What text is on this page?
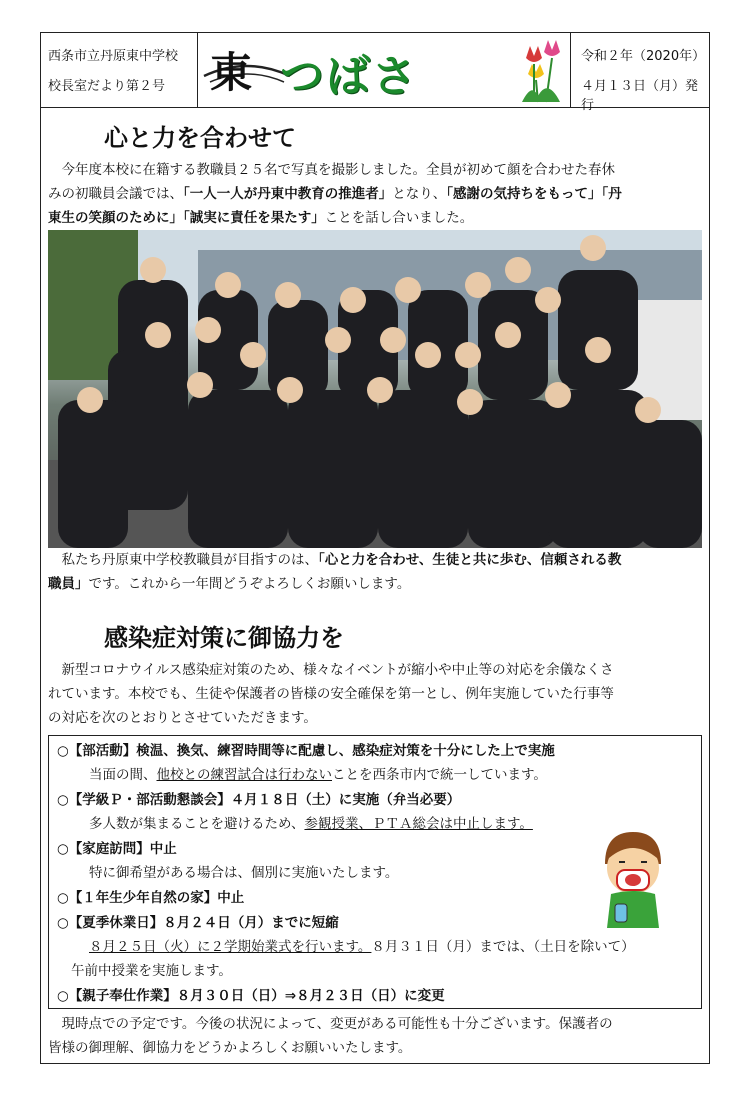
西条市立丹原東中学校
校長室だより第２号 東 つばさ	令和２年（2020年）
４月１３日（月）発行
心と力を合わせて
　今年度本校に在籍する教職員２５名で写真を撮影しました。全員が初めて顔を合わせた春休
みの初職員会議では、「一人一人が丹東中教育の推進者」となり、「感謝の気持ちをもって」「丹
東生の笑顔のために」「誠実に責任を果たす」ことを話し合いました。
　私たち丹原東中学校教職員が目指すのは、「心と力を合わせ、生徒と共に歩む、信頼される教
職員」です。これから一年間どうぞよろしくお願いします。
感染症対策に御協力を
　新型コロナウイルス感染症対策のため、様々なイベントが縮小や中止等の対応を余儀なくさ
れています。本校でも、生徒や保護者の皆様の安全確保を第一とし、例年実施していた行事等
の対応を次のとおりとさせていただきます。
○【部活動】検温、換気、練習時間等に配慮し、感染症対策を十分にした上で実施
当面の間、他校との練習試合は行わないことを西条市内で統一しています。
○【学級Ｐ・部活動懇談会】４月１８日（土）に実施（弁当必要）
多人数が集まることを避けるため、参観授業、ＰＴＡ総会は中止します。
○【家庭訪問】中止
特に御希望がある場合は、個別に実施いたします。
○【１年生少年自然の家】中止
○【夏季休業日】８月２４日（月）までに短縮
８月２５日（火）に２学期始業式を行います。８月３１日（月）までは、（土日を除いて）
午前中授業を実施します。
○【親子奉仕作業】８月３０日（日）⇒８月２３日（日）に変更
　現時点での予定です。今後の状況によって、変更がある可能性も十分ございます。保護者の
皆様の御理解、御協力をどうかよろしくお願いいたします。
